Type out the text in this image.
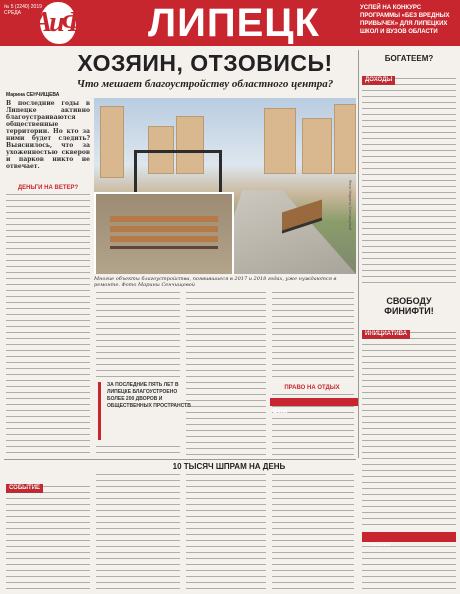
№ 5 (2240) 2019 СРЕДА АиФ	ЛИПЕЦК	УСПЕЙ НА КОНКУРС ПРОГРАММЫ «БЕЗ ВРЕДНЫХ ПРИВЫЧЕК» ДЛЯ ЛИПЕЦКИХ ШКОЛ И ВУЗОВ ОБЛАСТИ
ХОЗЯИН, ОТЗОВИСЬ!
Что мешает благоустройству областного центра?
Марина СЕНЧИЩЕВА
В последние годы в Липецке активно благоустраиваются общественные территории. Но кто за ними будет следить? Выяснилось, что за ухоженностью скверов и парков никто не отвечает.
ДЕНЬГИ НА ВЕТЕР?	Фото Марины Сенчищевой
Многие объекты благоустройства, появившиеся в 2017 и 2018 годах, уже нуждаются в ремонте. Фото Марины Сенчищевой
ЗА ПОСЛЕДНИЕ ПЯТЬ ЛЕТ В ЛИПЕЦКЕ БЛАГОУСТРОЕНО БОЛЕЕ 200 ДВОРОВ И ОБЩЕСТВЕННЫХ ПРОСТРАНСТВ
ПРАВО НА ОТДЫХ
БОГАТЕЕМ?
ДОХОДЫ
СВОБОДУ ФИНИФТИ!
ИНИЦИАТИВА
Вехи
Справка
10 ТЫСЯЧ ШПРАМ НА ДЕНЬ
СОБЫТИЕ
